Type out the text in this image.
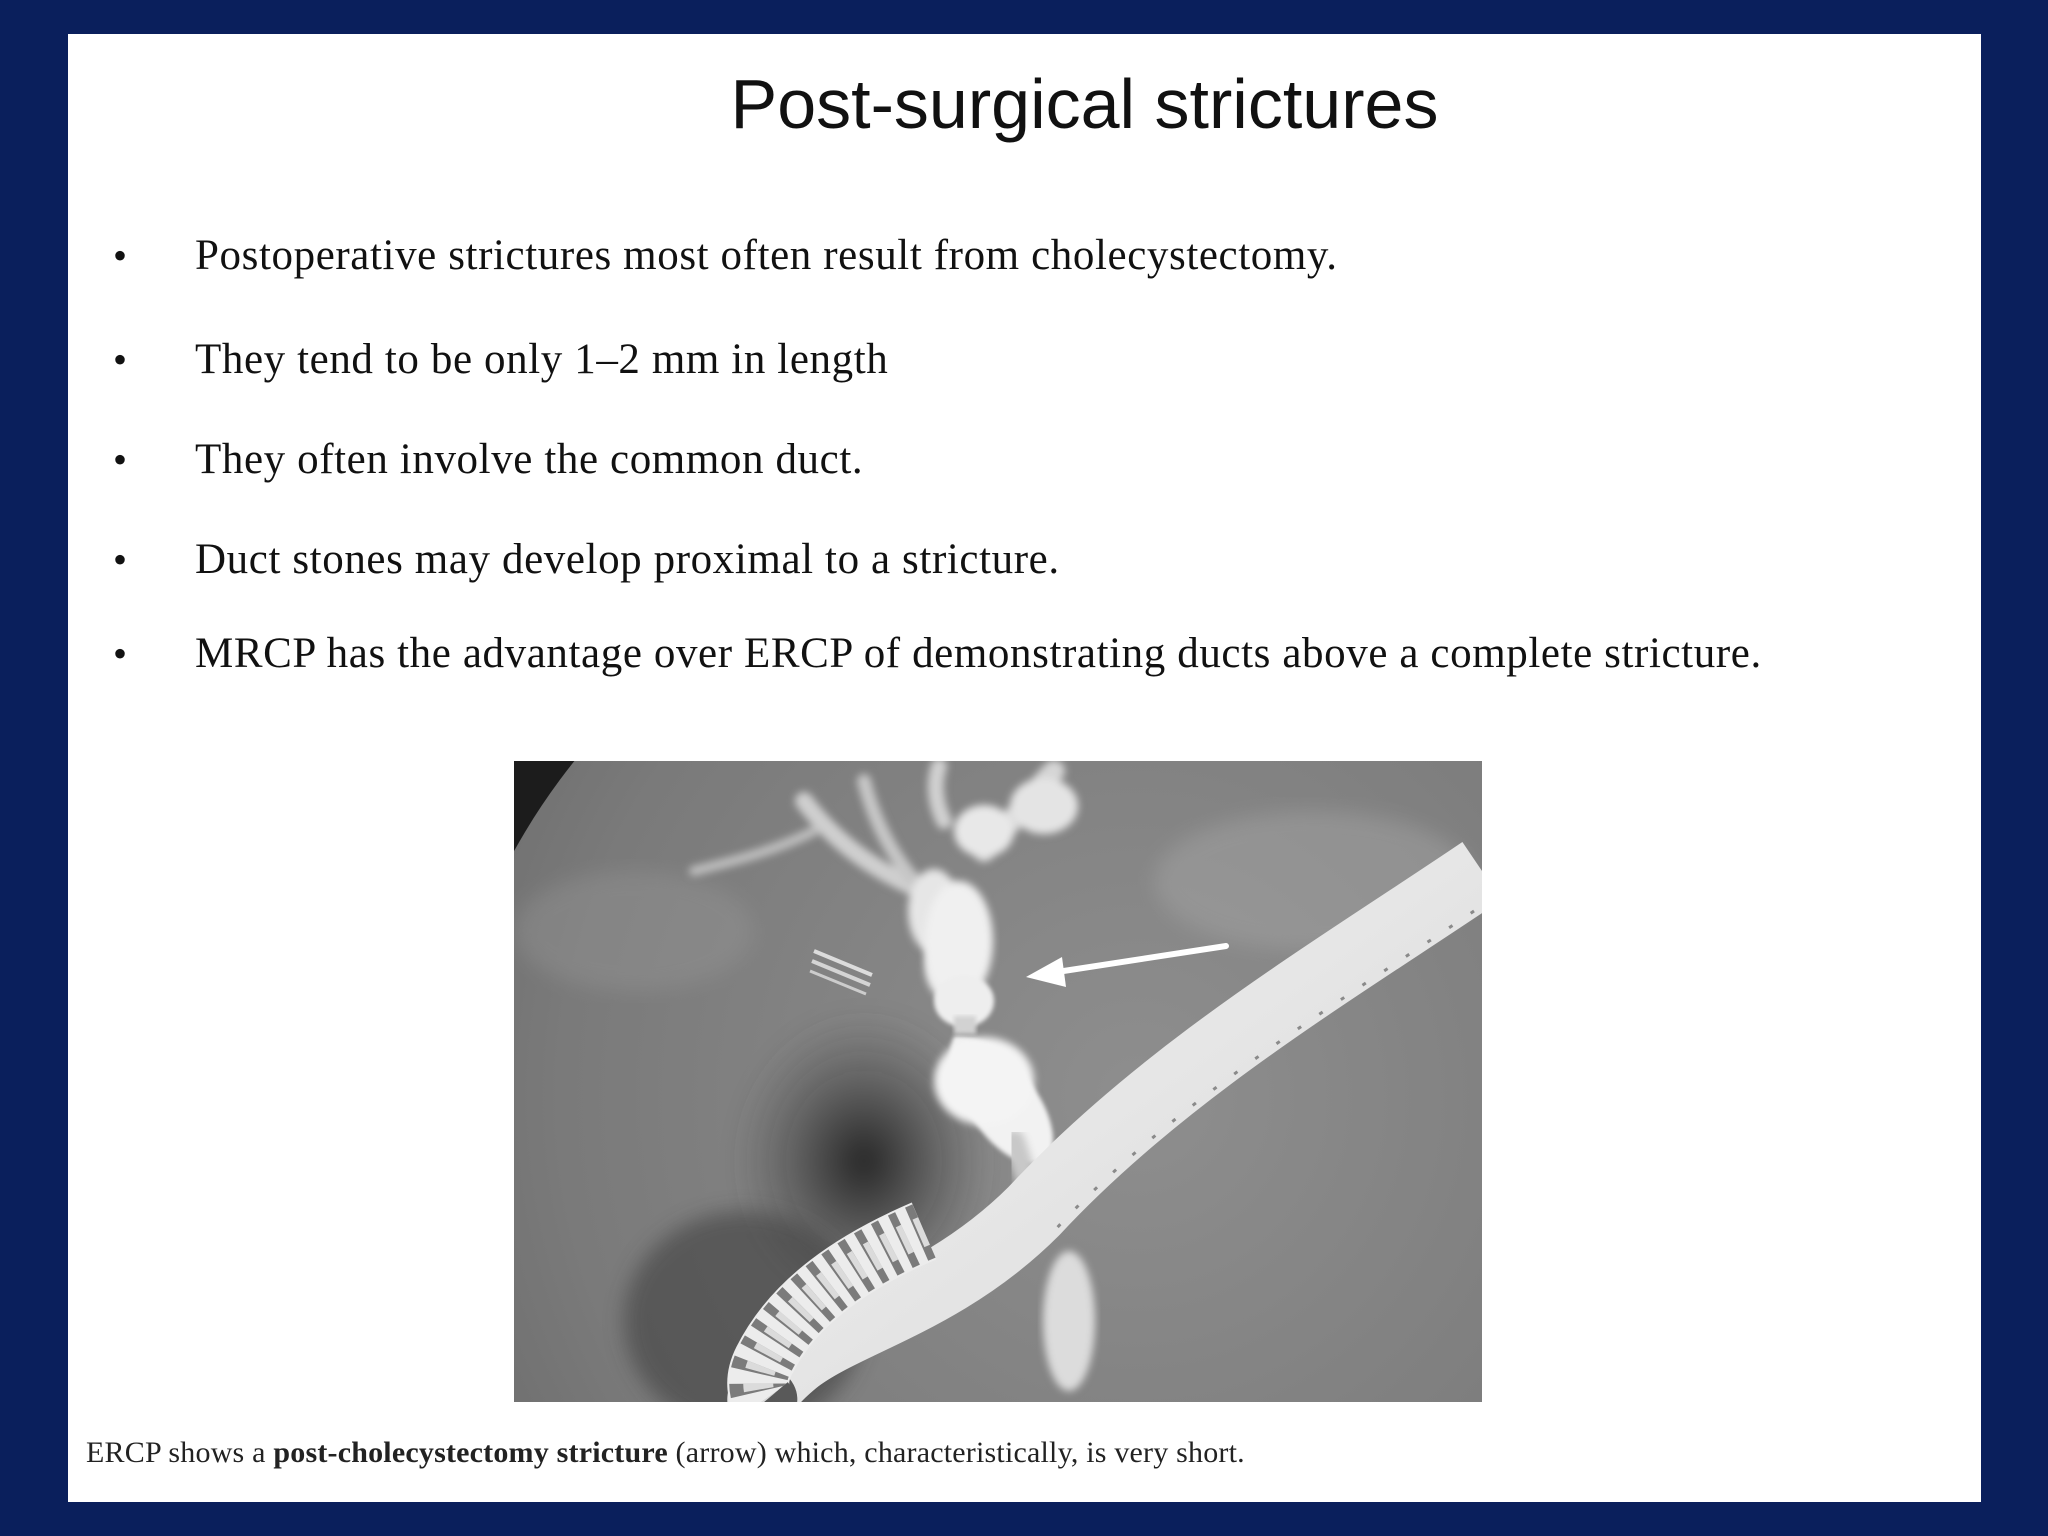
Post-surgical strictures
• Postoperative strictures most often result from cholecystectomy.
• They tend to be only 1–2 mm in length
• They often involve the common duct.
• Duct stones may develop proximal to a stricture.
• MRCP has the advantage over ERCP of demonstrating ducts above a complete stricture.
ERCP shows a post-cholecystectomy stricture (arrow) which, characteristically, is very short.
